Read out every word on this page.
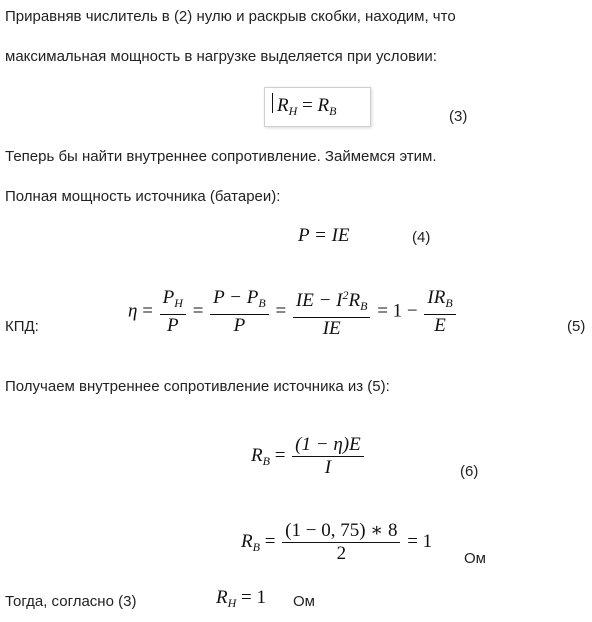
Приравняв числитель в (2) нулю и раскрыв скобки, находим, что
максимальная мощность в нагрузке выделяется при условии:
$R_H = R_B$	(3)
Теперь бы найти внутреннее сопротивление. Займемся этим.
Полная мощность источника (батареи):
P = IE	(4)
КПД:
$\eta = \frac{P_H}{P} = \frac{P - P_B}{P} = \frac{IE - I^2R_B}{IE} = 1 - \frac{IR_B}{E}$	(5)
Получаем внутреннее сопротивление источника из (5):
$R_B = \frac{(1 - \eta)E}{I}$	(6)
$R_B = \frac{(1 - 0, 75) ∗ 8}{2} = 1$
Ом
Тогда, согласно (3)	$R_H = 1$ Ом
